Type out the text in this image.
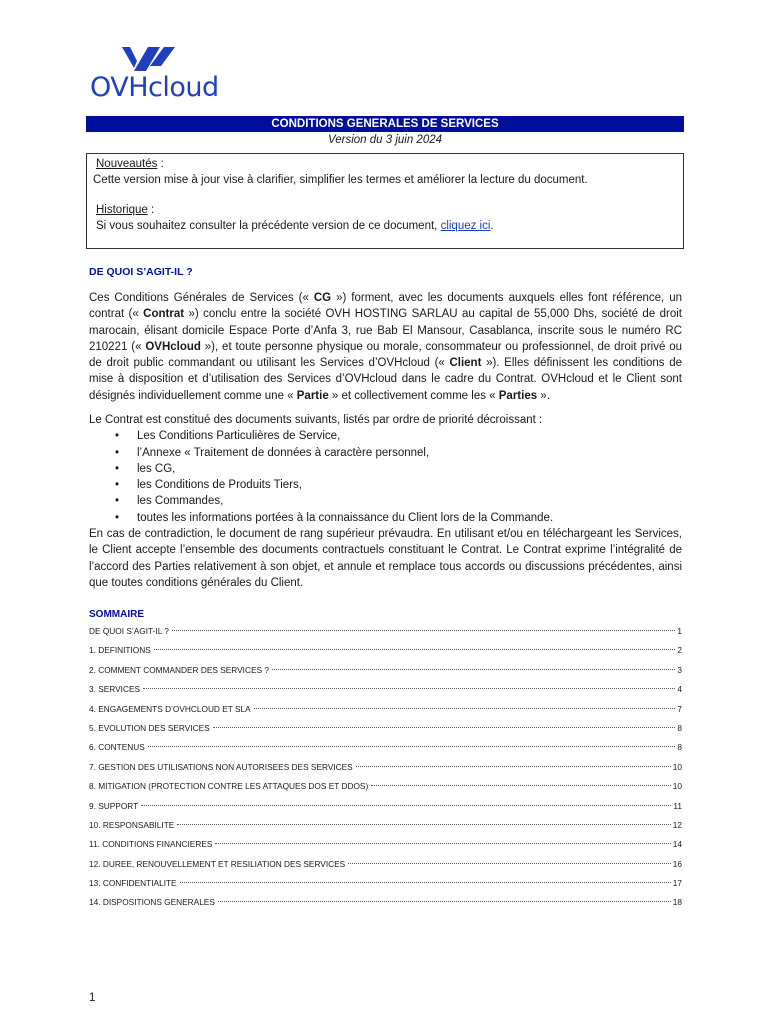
OVHcloud
CONDITIONS GENERALES DE SERVICES
Version du 3 juin 2024
Nouveautés :
Cette version mise à jour vise à clarifier, simplifier les termes et améliorer la lecture du document.
Historique :
Si vous souhaitez consulter la précédente version de ce document, cliquez ici.
DE QUOI S’AGIT-IL ?
Ces Conditions Générales de Services (« CG ») forment, avec les documents auxquels elles font référence, un contrat (« Contrat ») conclu entre la société OVH HOSTING SARLAU au capital de 55,000 Dhs, société de droit marocain, élisant domicile Espace Porte d’Anfa 3, rue Bab El Mansour, Casablanca, inscrite sous le numéro RC 210221 (« OVHcloud »), et toute personne physique ou morale, consommateur ou professionnel, de droit privé ou de droit public commandant ou utilisant les Services d’OVHcloud (« Client »). Elles définissent les conditions de mise à disposition et d’utilisation des Services d’OVHcloud dans le cadre du Contrat. OVHcloud et le Client sont désignés individuellement comme une « Partie » et collectivement comme les « Parties ».
Le Contrat est constitué des documents suivants, listés par ordre de priorité décroissant :
• Les Conditions Particulières de Service,
• l’Annexe « Traitement de données à caractère personnel,
• les CG,
• les Conditions de Produits Tiers,
• les Commandes,
• toutes les informations portées à la connaissance du Client lors de la Commande.
En cas de contradiction, le document de rang supérieur prévaudra. En utilisant et/ou en téléchargeant les Services, le Client accepte l’ensemble des documents contractuels constituant le Contrat. Le Contrat exprime l’intégralité de l’accord des Parties relativement à son objet, et annule et remplace tous accords ou discussions précédentes, ainsi que toutes conditions générales du Client.
SOMMAIRE
DE QUOI S’AGIT-IL ?	1
1. DEFINITIONS	2
2. COMMENT COMMANDER DES SERVICES ?	3
3. SERVICES	4
4. ENGAGEMENTS D’OVHCLOUD ET SLA	7
5. EVOLUTION DES SERVICES	8
6. CONTENUS	8
7. GESTION DES UTILISATIONS NON AUTORISEES DES SERVICES	10
8. MITIGATION (PROTECTION CONTRE LES ATTAQUES DOS ET DDOS)	10
9. SUPPORT	11
10. RESPONSABILITE	12
11. CONDITIONS FINANCIERES	14
12. DUREE, RENOUVELLEMENT ET RESILIATION DES SERVICES	16
13. CONFIDENTIALITE	17
14. DISPOSITIONS GENERALES	18
1
